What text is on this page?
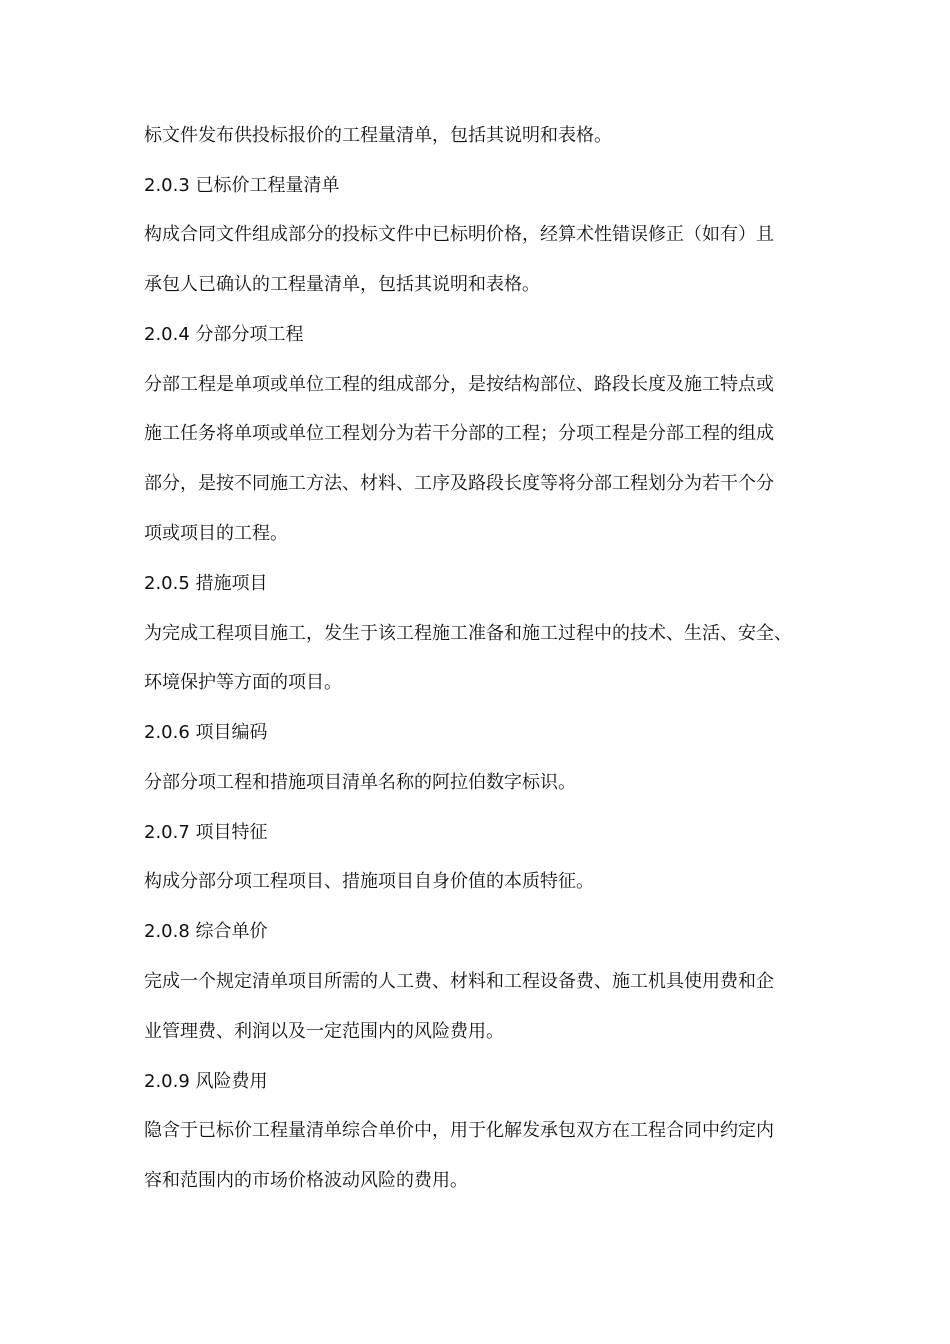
标文件发布供投标报价的工程量清单，包括其说明和表格。
2.0.3 已标价工程量清单
构成合同文件组成部分的投标文件中已标明价格，经算术性错误修正（如有）且
承包人已确认的工程量清单，包括其说明和表格。
2.0.4 分部分项工程
分部工程是单项或单位工程的组成部分，是按结构部位、路段长度及施工特点或
施工任务将单项或单位工程划分为若干分部的工程；分项工程是分部工程的组成
部分，是按不同施工方法、材料、工序及路段长度等将分部工程划分为若干个分
项或项目的工程。
2.0.5 措施项目
为完成工程项目施工，发生于该工程施工准备和施工过程中的技术、生活、安全、
环境保护等方面的项目。
2.0.6 项目编码
分部分项工程和措施项目清单名称的阿拉伯数字标识。
2.0.7 项目特征
构成分部分项工程项目、措施项目自身价值的本质特征。
2.0.8 综合单价
完成一个规定清单项目所需的人工费、材料和工程设备费、施工机具使用费和企
业管理费、利润以及一定范围内的风险费用。
2.0.9 风险费用
隐含于已标价工程量清单综合单价中，用于化解发承包双方在工程合同中约定内
容和范围内的市场价格波动风险的费用。
